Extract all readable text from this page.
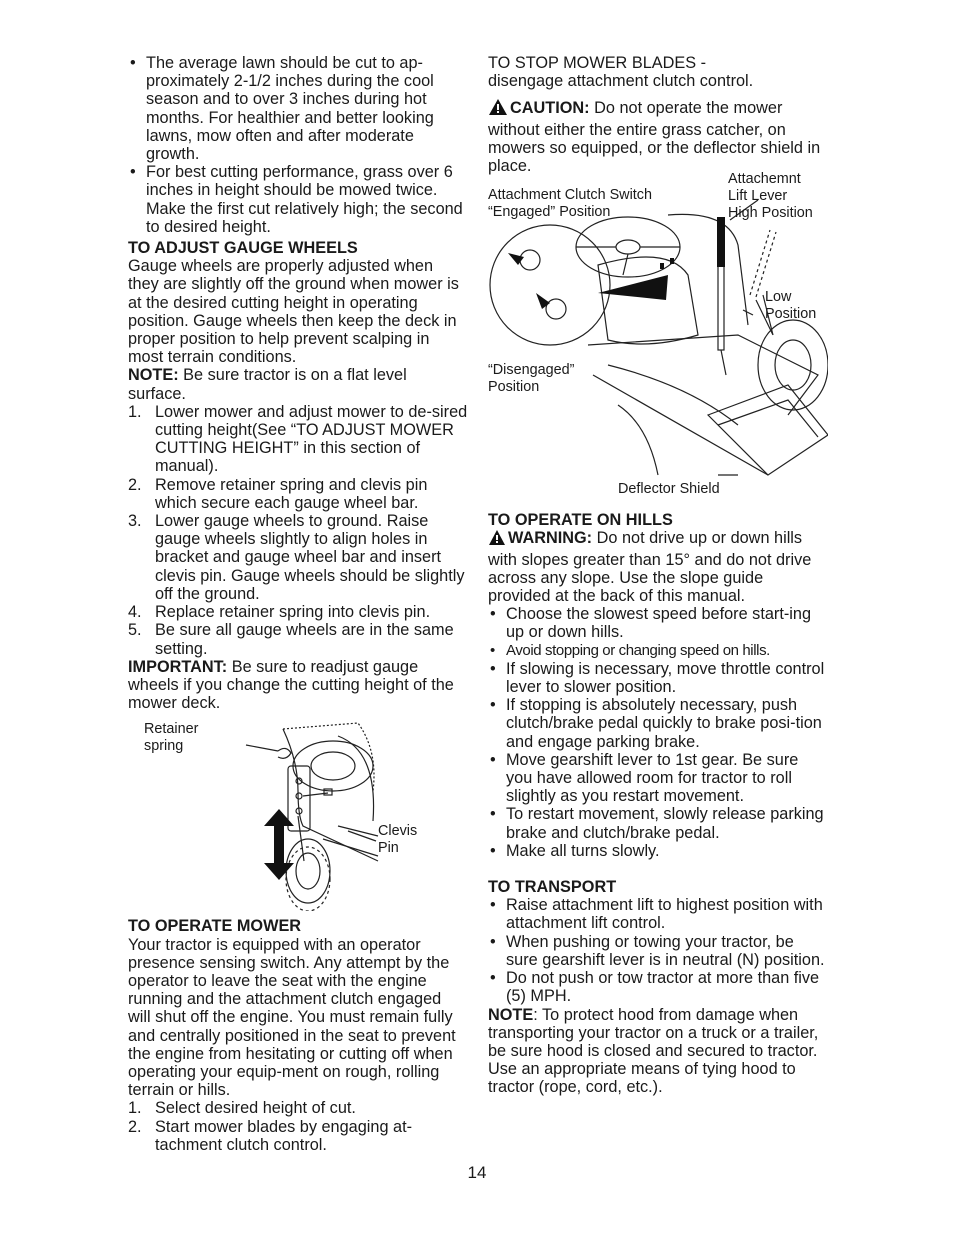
• The average lawn should be cut to ap-proximately 2-1/2 inches during the cool season and to over 3 inches during hot months. For healthier and better looking lawns, mow often and after moderate growth.
• For best cutting performance, grass over 6 inches in height should be mowed twice. Make the first cut relatively high; the second to desired height.
TO ADJUST GAUGE WHEELS

Gauge wheels are properly adjusted when they are slightly off the ground when mower is at the desired cutting height in operating position. Gauge wheels then keep the deck in proper position to help prevent scalping in most terrain conditions.

NOTE: Be sure tractor is on a flat level surface.

1. Lower mower and adjust mower to de-sired cutting height(See “TO ADJUST MOWER CUTTING HEIGHT” in this section of manual).
2. Remove retainer spring and clevis pin which secure each gauge wheel bar.
3. Lower gauge wheels to ground. Raise gauge wheels slightly to align holes in bracket and gauge wheel bar and insert clevis pin. Gauge wheels should be slightly off the ground.
4. Replace retainer spring into clevis pin.
5. Be sure all gauge wheels are in the same setting.

IMPORTANT: Be sure to readjust gauge wheels if you change the cutting height of the mower deck.

Retainer
spring
Clevis
Pin
TO OPERATE MOWER

Your tractor is equipped with an operator presence sensing switch. Any attempt by the operator to leave the seat with the engine running and the attachment clutch engaged will shut off the engine. You must remain fully and centrally positioned in the seat to prevent the engine from hesitating or cutting off when operating your equip-ment on rough, rolling terrain or hills.

1. Select desired height of cut.
2. Start mower blades by engaging at-tachment clutch control.

TO STOP MOWER BLADES -

disengage attachment clutch control.

CAUTION: Do not operate the mower without either the entire grass catcher, on mowers so equipped, or the deflector shield in place.

Attachment Clutch Switch
“Engaged” Position
Attachemnt
Lift Lever
High Position
Low
Position
“Disengaged”
Position
Deflector Shield
TO OPERATE ON HILLS

WARNING: Do not drive up or down hills with slopes greater than 15° and do not drive across any slope. Use the slope guide provided at the back of this manual.

• Choose the slowest speed before start-ing up or down hills.
• Avoid stopping or changing speed on hills.
• If slowing is necessary, move throttle control lever to slower position.
• If stopping is absolutely necessary, push clutch/brake pedal quickly to brake posi-tion and engage parking brake.
• Move gearshift lever to 1st gear. Be sure you have allowed room for tractor to roll slightly as you restart movement.
• To restart movement, slowly release parking brake and clutch/brake pedal.
• Make all turns slowly.
TO TRANSPORT
• Raise attachment lift to highest position with attachment lift control.
• When pushing or towing your tractor, be sure gearshift lever is in neutral (N) position.
• Do not push or tow tractor at more than five (5) MPH.

NOTE: To protect hood from damage when transporting your tractor on a truck or a trailer, be sure hood is closed and secured to tractor. Use an appropriate means of tying hood to tractor (rope, cord, etc.).

14
